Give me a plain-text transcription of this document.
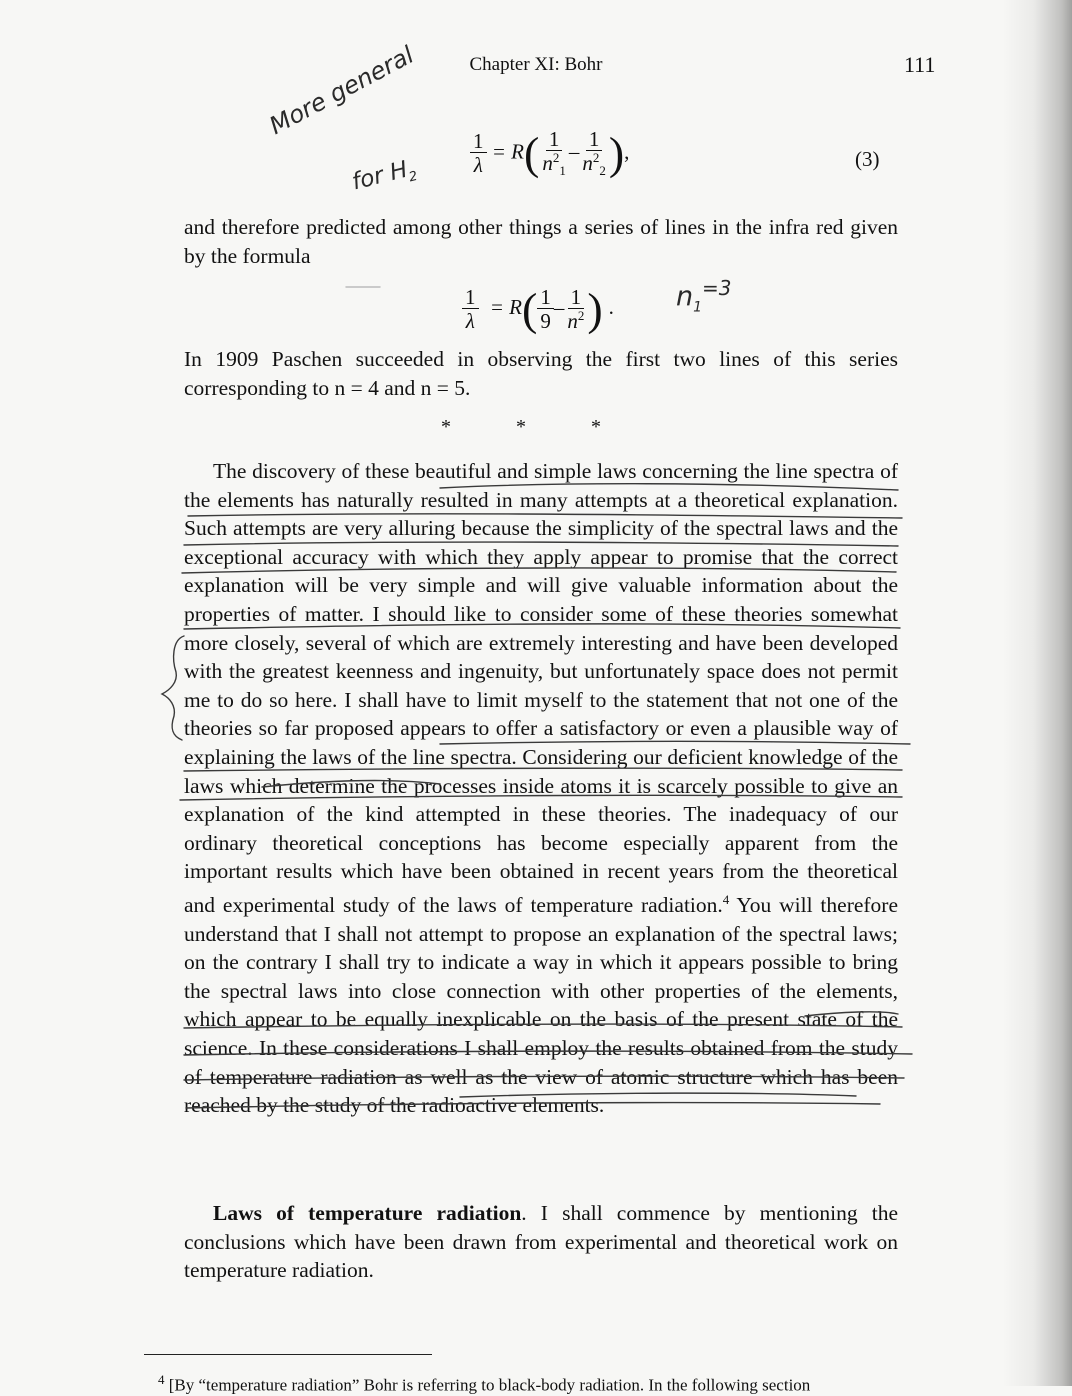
Chapter XI: Bohr	111
$\frac{1}{\lambda} = R( \frac{1}{n^2_1} - \frac{1}{n^2_2}$ ),	(3)
and therefore predicted among other things a series of lines in the infra red given by the formula
$\frac{1}{\lambda} = R( \frac{1}{9} - \frac{1}{n^2}$ ) .
In 1909 Paschen succeeded in observing the first two lines of this series corresponding to n = 4 and n = 5.
* * *
The discovery of these beautiful and simple laws concerning the line spectra of the elements has naturally resulted in many attempts at a theoretical explanation. Such attempts are very alluring because the simplicity of the spectral laws and the exceptional accuracy with which they apply appear to promise that the correct explanation will be very simple and will give valuable information about the properties of matter. I should like to consider some of these theories somewhat more closely, several of which are extremely interesting and have been developed with the greatest keenness and ingenuity, but unfortunately space does not permit me to do so here. I shall have to limit myself to the statement that not one of the theories so far proposed appears to offer a satisfactory or even a plausible way of explaining the laws of the line spectra. Considering our deficient knowledge of the laws which determine the processes inside atoms it is scarcely possible to give an explanation of the kind attempted in these theories. The inadequacy of our ordinary theoretical conceptions has become especially apparent from the important results which have been obtained in recent years from the theoretical and experimental study of the laws of temperature radiation.$^4$ You will therefore understand that I shall not attempt to propose an explanation of the spectral laws; on the contrary I shall try to indicate a way in which it appears possible to bring the spectral laws into close connection with other properties of the elements, which appear to be equally inexplicable on the basis of the present state of the science. In these considerations I shall employ the results obtained from the study of temperature radiation as well as the view of atomic structure which has been reached by the study of the radioactive elements.
Laws of temperature radiation. I shall commence by mentioning the conclusions which have been drawn from experimental and theoretical work on temperature radiation.
$^4$ [By “temperature radiation” Bohr is referring to black-body radiation. In the following section
More general
for $H_2$
$n_1^{=3}$
